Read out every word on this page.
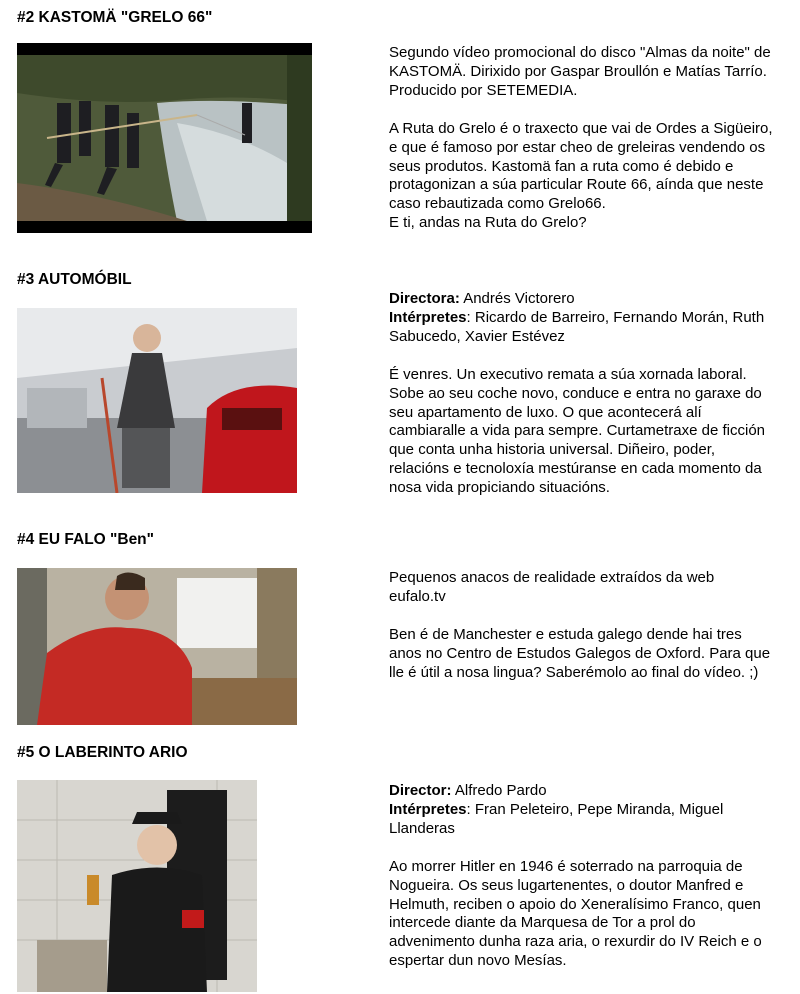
#2 KASTOMÄ "GRELO 66"

Segundo vídeo promocional do disco "Almas da noite" de KASTOMÄ. Dirixido por Gaspar Broullón e Matías Tarrío. Producido por SETEMEDIA.

A Ruta do Grelo é o traxecto que vai de Ordes a Sigüeiro, e que é famoso por estar cheo de greleiras vendendo os seus produtos. Kastomä fan a ruta como é debido e protagonizan a súa particular Route 66, aínda que neste caso rebautizada como Grelo66.

E ti, andas na Ruta do Grelo?

#3 AUTOMÓBIL

Directora: Andrés Victorero

Intérpretes: Ricardo de Barreiro, Fernando Morán, Ruth Sabucedo, Xavier Estévez

É venres. Un executivo remata a súa xornada laboral. Sobe ao seu coche novo, conduce e entra no garaxe do seu apartamento de luxo. O que acontecerá alí cambiaralle a vida para sempre. Curtametraxe de ficción que conta unha historia universal. Diñeiro, poder, relacións e tecnoloxía mestúranse en cada momento da nosa vida propiciando situacións.

#4 EU FALO "Ben"

Pequenos anacos de realidade extraídos da web eufalo.tv

Ben é de Manchester e estuda galego dende hai tres anos no Centro de Estudos Galegos de Oxford. Para que lle é útil a nosa lingua? Saberémolo ao final do vídeo. ;)

#5 O LABERINTO ARIO

Director: Alfredo Pardo

Intérpretes: Fran Peleteiro, Pepe Miranda, Miguel Llanderas

Ao morrer Hitler en 1946 é soterrado na parroquia de Nogueira. Os seus lugartenentes, o doutor Manfred e Helmuth, reciben o apoio do Xeneralísimo Franco, quen intercede diante da Marquesa de Tor a prol do advenimento dunha raza aria, o rexurdir do IV Reich e o espertar dun novo Mesías.
